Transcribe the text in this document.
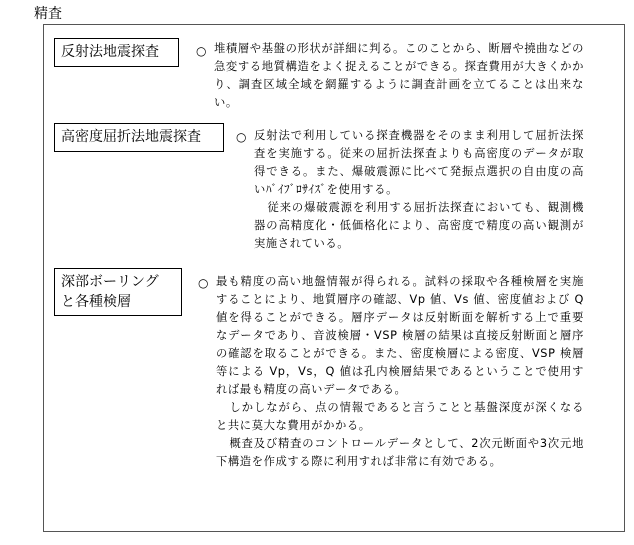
精査
反射法地震探査	○ 堆積層や基盤の形状が詳細に判る。このことから、断層や撓曲などの急変する地質構造をよく捉えることができる。探査費用が大きくかかり、調査区域全域を網羅するように調査計画を立てることは出来ない。

高密度屈折法地震探査	○ 反射法で利用している探査機器をそのまま利用して屈折法探査を実施する。従来の屈折法探査よりも高密度のデータが取得できる。また、爆破震源に比べて発振点選択の自由度の高いﾊﾞｲﾌﾞﾛｻｲｽﾞを使用する。

従来の爆破震源を利用する屈折法探査においても、観測機器の高精度化・低価格化により、高密度で精度の高い観測が実施されている。

深部ボーリング
と各種検層
○ 最も精度の高い地盤情報が得られる。試料の採取や各種検層を実施することにより、地質層序の確認、Vp 値、Vs 値、密度値および Q 値を得ることができる。層序データは反射断面を解析する上で重要なデータであり、音波検層・VSP 検層の結果は直接反射断面と層序の確認を取ることができる。また、密度検層による密度、VSP 検層等による Vp，Vs，Q 値は孔内検層結果であるということで使用すれば最も精度の高いデータである。

しかしながら、点の情報であると言うことと基盤深度が深くなると共に莫大な費用がかかる。

概査及び精査のコントロールデータとして、2次元断面や3次元地下構造を作成する際に利用すれば非常に有効である。
